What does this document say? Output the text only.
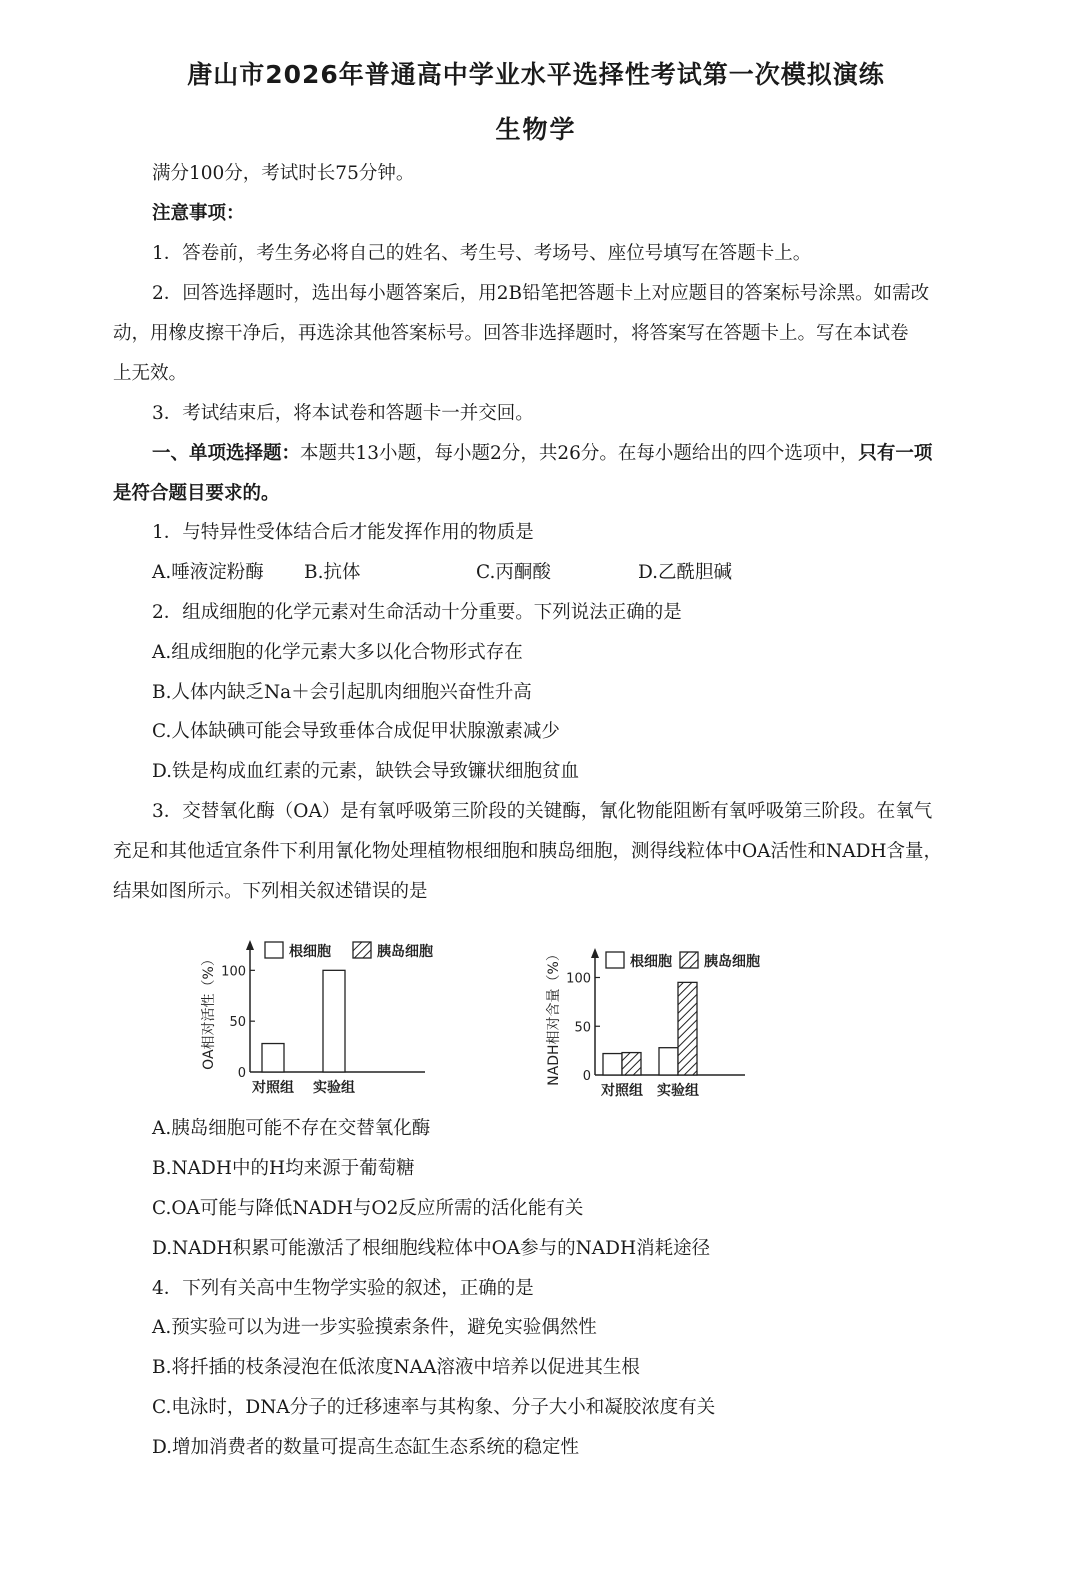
唐山市2026年普通高中学业水平选择性考试第一次模拟演练
生物学
满分100分，考试时长75分钟。
注意事项：
1．答卷前，考生务必将自己的姓名、考生号、考场号、座位号填写在答题卡上。
2．回答选择题时，选出每小题答案后，用2B铅笔把答题卡上对应题目的答案标号涂黑。如需改
动，用橡皮擦干净后，再选涂其他答案标号。回答非选择题时，将答案写在答题卡上。写在本试卷
上无效。
3．考试结束后，将本试卷和答题卡一并交回。
一、单项选择题：本题共13小题，每小题2分，共26分。在每小题给出的四个选项中，只有一项
是符合题目要求的。
1．与特异性受体结合后才能发挥作用的物质是
A.唾液淀粉酶 B.抗体	C.丙酮酸	D.乙酰胆碱
2．组成细胞的化学元素对生命活动十分重要。下列说法正确的是
A.组成细胞的化学元素大多以化合物形式存在
B.人体内缺乏Na＋会引起肌肉细胞兴奋性升高
C.人体缺碘可能会导致垂体合成促甲状腺激素减少
D.铁是构成血红素的元素，缺铁会导致镰状细胞贫血
3．交替氧化酶（OA）是有氧呼吸第三阶段的关键酶，氰化物能阻断有氧呼吸第三阶段。在氧气
充足和其他适宜条件下利用氰化物处理植物根细胞和胰岛细胞，测得线粒体中OA活性和NADH含量，
结果如图所示。下列相关叙述错误的是
0
50
100
OA相对活性（%）
对照组 实验组
根细胞	胰岛细胞
0
50
100
NADH相对含量（%）
对照组 实验组
根细胞 胰岛细胞
A.胰岛细胞可能不存在交替氧化酶
B.NADH中的H均来源于葡萄糖
C.OA可能与降低NADH与O2反应所需的活化能有关
D.NADH积累可能激活了根细胞线粒体中OA参与的NADH消耗途径
4．下列有关高中生物学实验的叙述，正确的是
A.预实验可以为进一步实验摸索条件，避免实验偶然性
B.将扦插的枝条浸泡在低浓度NAA溶液中培养以促进其生根
C.电泳时，DNA分子的迁移速率与其构象、分子大小和凝胶浓度有关
D.增加消费者的数量可提高生态缸生态系统的稳定性
